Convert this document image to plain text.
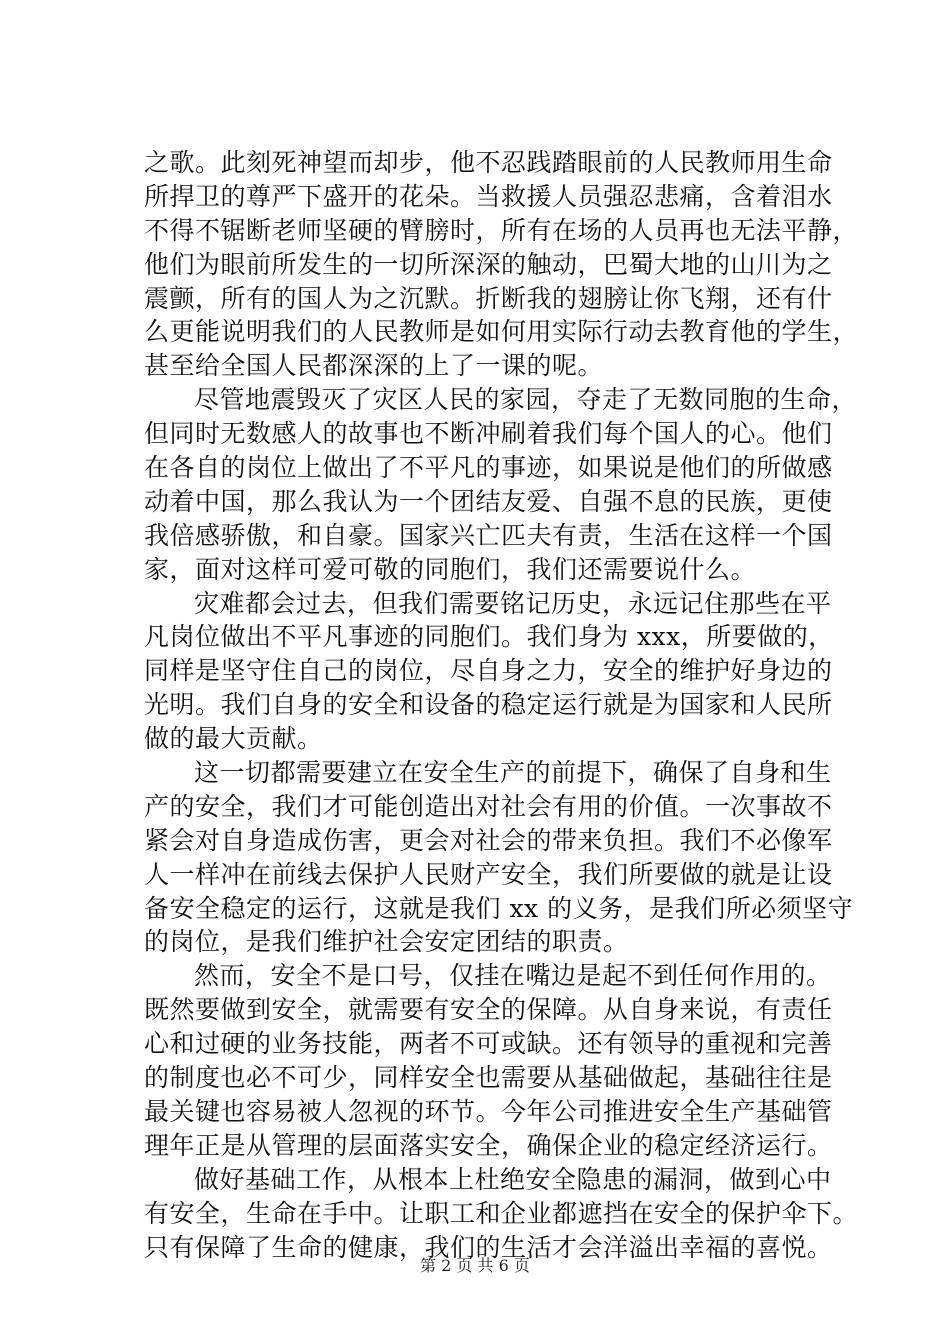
之歌。此刻死神望而却步，他不忍践踏眼前的人民教师用生命
所捍卫的尊严下盛开的花朵。当救援人员强忍悲痛，含着泪水
不得不锯断老师坚硬的臂膀时，所有在场的人员再也无法平静，
他们为眼前所发生的一切所深深的触动，巴蜀大地的山川为之
震颤，所有的国人为之沉默。折断我的翅膀让你飞翔，还有什
么更能说明我们的人民教师是如何用实际行动去教育他的学生，
甚至给全国人民都深深的上了一课的呢。
尽管地震毁灭了灾区人民的家园，夺走了无数同胞的生命，
但同时无数感人的故事也不断冲刷着我们每个国人的心。他们
在各自的岗位上做出了不平凡的事迹，如果说是他们的所做感
动着中国，那么我认为一个团结友爱、自强不息的民族，更使
我倍感骄傲，和自豪。国家兴亡匹夫有责，生活在这样一个国
家，面对这样可爱可敬的同胞们，我们还需要说什么。
灾难都会过去，但我们需要铭记历史，永远记住那些在平
凡岗位做出不平凡事迹的同胞们。我们身为 xxx，所要做的，
同样是坚守住自己的岗位，尽自身之力，安全的维护好身边的
光明。我们自身的安全和设备的稳定运行就是为国家和人民所
做的最大贡献。
这一切都需要建立在安全生产的前提下，确保了自身和生
产的安全，我们才可能创造出对社会有用的价值。一次事故不
紧会对自身造成伤害，更会对社会的带来负担。我们不必像军
人一样冲在前线去保护人民财产安全，我们所要做的就是让设
备安全稳定的运行，这就是我们 xx 的义务，是我们所必须坚守
的岗位，是我们维护社会安定团结的职责。
然而，安全不是口号，仅挂在嘴边是起不到任何作用的。
既然要做到安全，就需要有安全的保障。从自身来说，有责任
心和过硬的业务技能，两者不可或缺。还有领导的重视和完善
的制度也必不可少，同样安全也需要从基础做起，基础往往是
最关键也容易被人忽视的环节。今年公司推进安全生产基础管
理年正是从管理的层面落实安全，确保企业的稳定经济运行。
做好基础工作，从根本上杜绝安全隐患的漏洞，做到心中
有安全，生命在手中。让职工和企业都遮挡在安全的保护伞下。
只有保障了生命的健康，我们的生活才会洋溢出幸福的喜悦。
第 2 页 共 6 页
